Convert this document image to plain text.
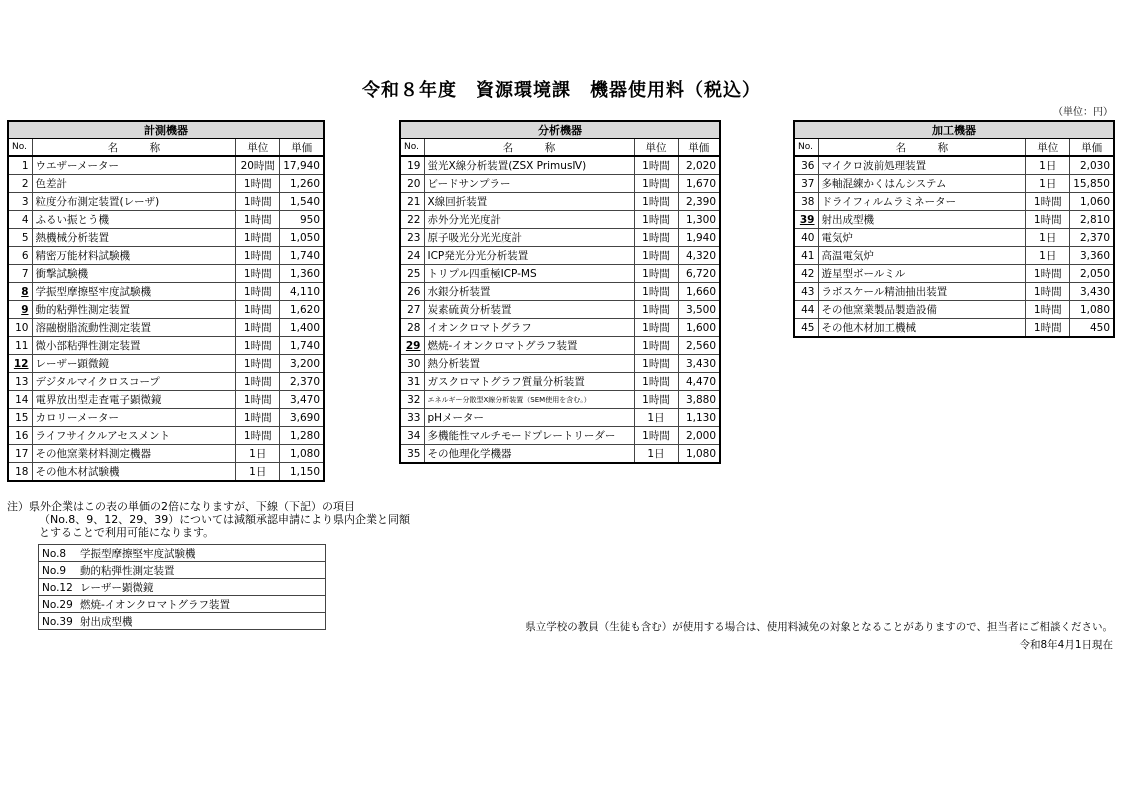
令和８年度　資源環境課　機器使用料（税込）
（単位：円）
計測機器			
No.	名　　　称	単位	単価
1	ウエザーメーター	20時間	17,940
2	色差計	1時間	1,260
3	粒度分布測定装置(レーザ)	1時間	1,540
4	ふるい振とう機	1時間	950
5	熱機械分析装置	1時間	1,050
6	精密万能材料試験機	1時間	1,740
7	衝撃試験機	1時間	1,360
8	学振型摩擦堅牢度試験機	1時間	4,110
9	動的粘弾性測定装置	1時間	1,620
10	溶融樹脂流動性測定装置	1時間	1,400
11	微小部粘弾性測定装置	1時間	1,740
12	レーザー顕微鏡	1時間	3,200
13	デジタルマイクロスコープ	1時間	2,370
14	電界放出型走査電子顕微鏡	1時間	3,470
15	カロリーメーター	1時間	3,690
16	ライフサイクルアセスメント	1時間	1,280
17	その他窯業材料測定機器	1日	1,080
18	その他木材試験機	1日	1,150
分析機器			
No.	名　　　称	単位	単価
19	蛍光X線分析装置(ZSX PrimusⅣ)	1時間	2,020
20	ビードサンプラー	1時間	1,670
21	X線回折装置	1時間	2,390
22	赤外分光光度計	1時間	1,300
23	原子吸光分光光度計	1時間	1,940
24	ICP発光分光分析装置	1時間	4,320
25	トリプル四重極ICP-MS	1時間	6,720
26	水銀分析装置	1時間	1,660
27	炭素硫黄分析装置	1時間	3,500
28	イオンクロマトグラフ	1時間	1,600
29	燃焼-イオンクロマトグラフ装置	1時間	2,560
30	熱分析装置	1時間	3,430
31	ガスクロマトグラフ質量分析装置	1時間	4,470
32	エネルギー分散型X線分析装置（SEM使用を含む。）	1時間	3,880
33	pHメーター	1日	1,130
34	多機能性マルチモードプレートリーダー	1時間	2,000
35	その他理化学機器	1日	1,080
加工機器			
No.	名　　　称	単位	単価
36	マイクロ波前処理装置	1日	2,030
37	多軸混練かくはんシステム	1日	15,850
38	ドライフィルムラミネーター	1時間	1,060
39	射出成型機	1時間	2,810
40	電気炉	1日	2,370
41	高温電気炉	1日	3,360
42	遊星型ボールミル	1時間	2,050
43	ラボスケール精油抽出装置	1時間	3,430
44	その他窯業製品製造設備	1時間	1,080
45	その他木材加工機械	1時間	450
注）県外企業はこの表の単価の2倍になりますが、下線（下記）の項目
（No.8、9、12、29、39）については減額承認申請により県内企業と同額
とすることで利用可能になります。
No.8 学振型摩擦堅牢度試験機
No.9 動的粘弾性測定装置
No.12 レーザー顕微鏡
No.29 燃焼-イオンクロマトグラフ装置
No.39 射出成型機	県立学校の教員（生徒も含む）が使用する場合は、使用料減免の対象となることがありますので、担当者にご相談ください。
令和8年4月1日現在
